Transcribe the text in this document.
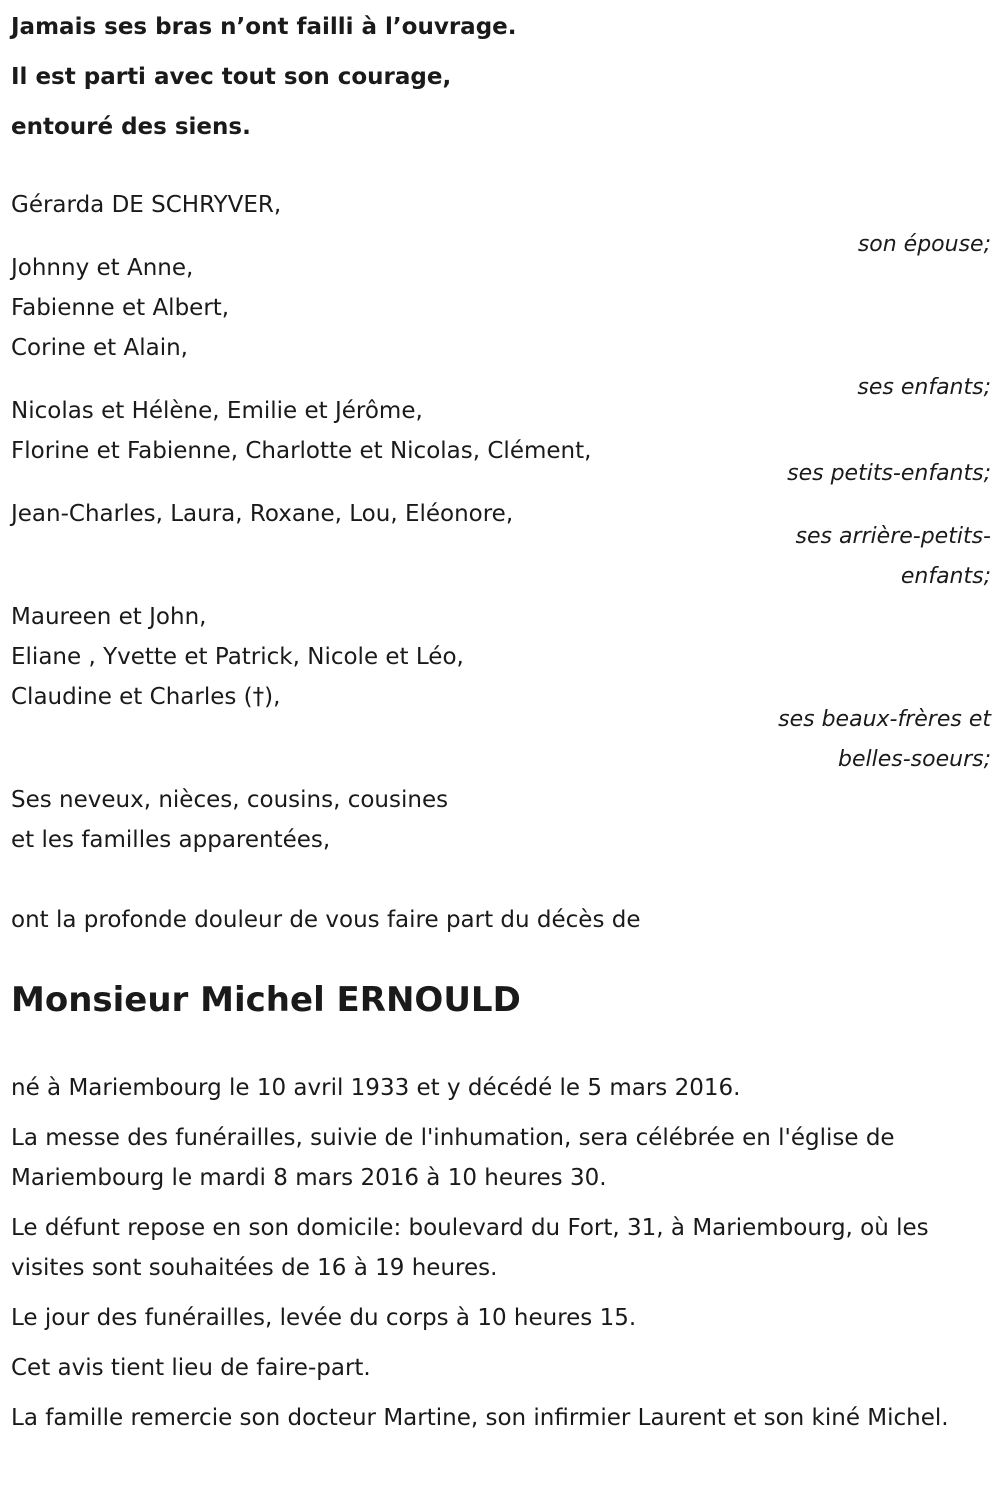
Jamais ses bras n’ont failli à l’ouvrage.
Il est parti avec tout son courage,
entouré des siens.
Gérarda DE SCHRYVER,
son épouse;
Johnny et Anne,
Fabienne et Albert,
Corine et Alain,
ses enfants;
Nicolas et Hélène, Emilie et Jérôme,
Florine et Fabienne, Charlotte et Nicolas, Clément,
ses petits-enfants;
Jean-Charles, Laura, Roxane, Lou, Eléonore,
ses arrière-petits-
enfants;
Maureen et John,
Eliane , Yvette et Patrick, Nicole et Léo,
Claudine et Charles (†),
ses beaux-frères et
belles-soeurs;
Ses neveux, nièces, cousins, cousines
et les familles apparentées,
ont la profonde douleur de vous faire part du décès de
Monsieur Michel ERNOULD

né à Mariembourg le 10 avril 1933 et y décédé le 5 mars 2016.

La messe des funérailles, suivie de l'inhumation, sera célébrée en l'église de Mariembourg le mardi 8 mars 2016 à 10 heures 30.

Le défunt repose en son domicile: boulevard du Fort, 31, à Mariembourg, où les visites sont souhaitées de 16 à 19 heures.

Le jour des funérailles, levée du corps à 10 heures 15.

Cet avis tient lieu de faire-part.

La famille remercie son docteur Martine, son infirmier Laurent et son kiné Michel.
